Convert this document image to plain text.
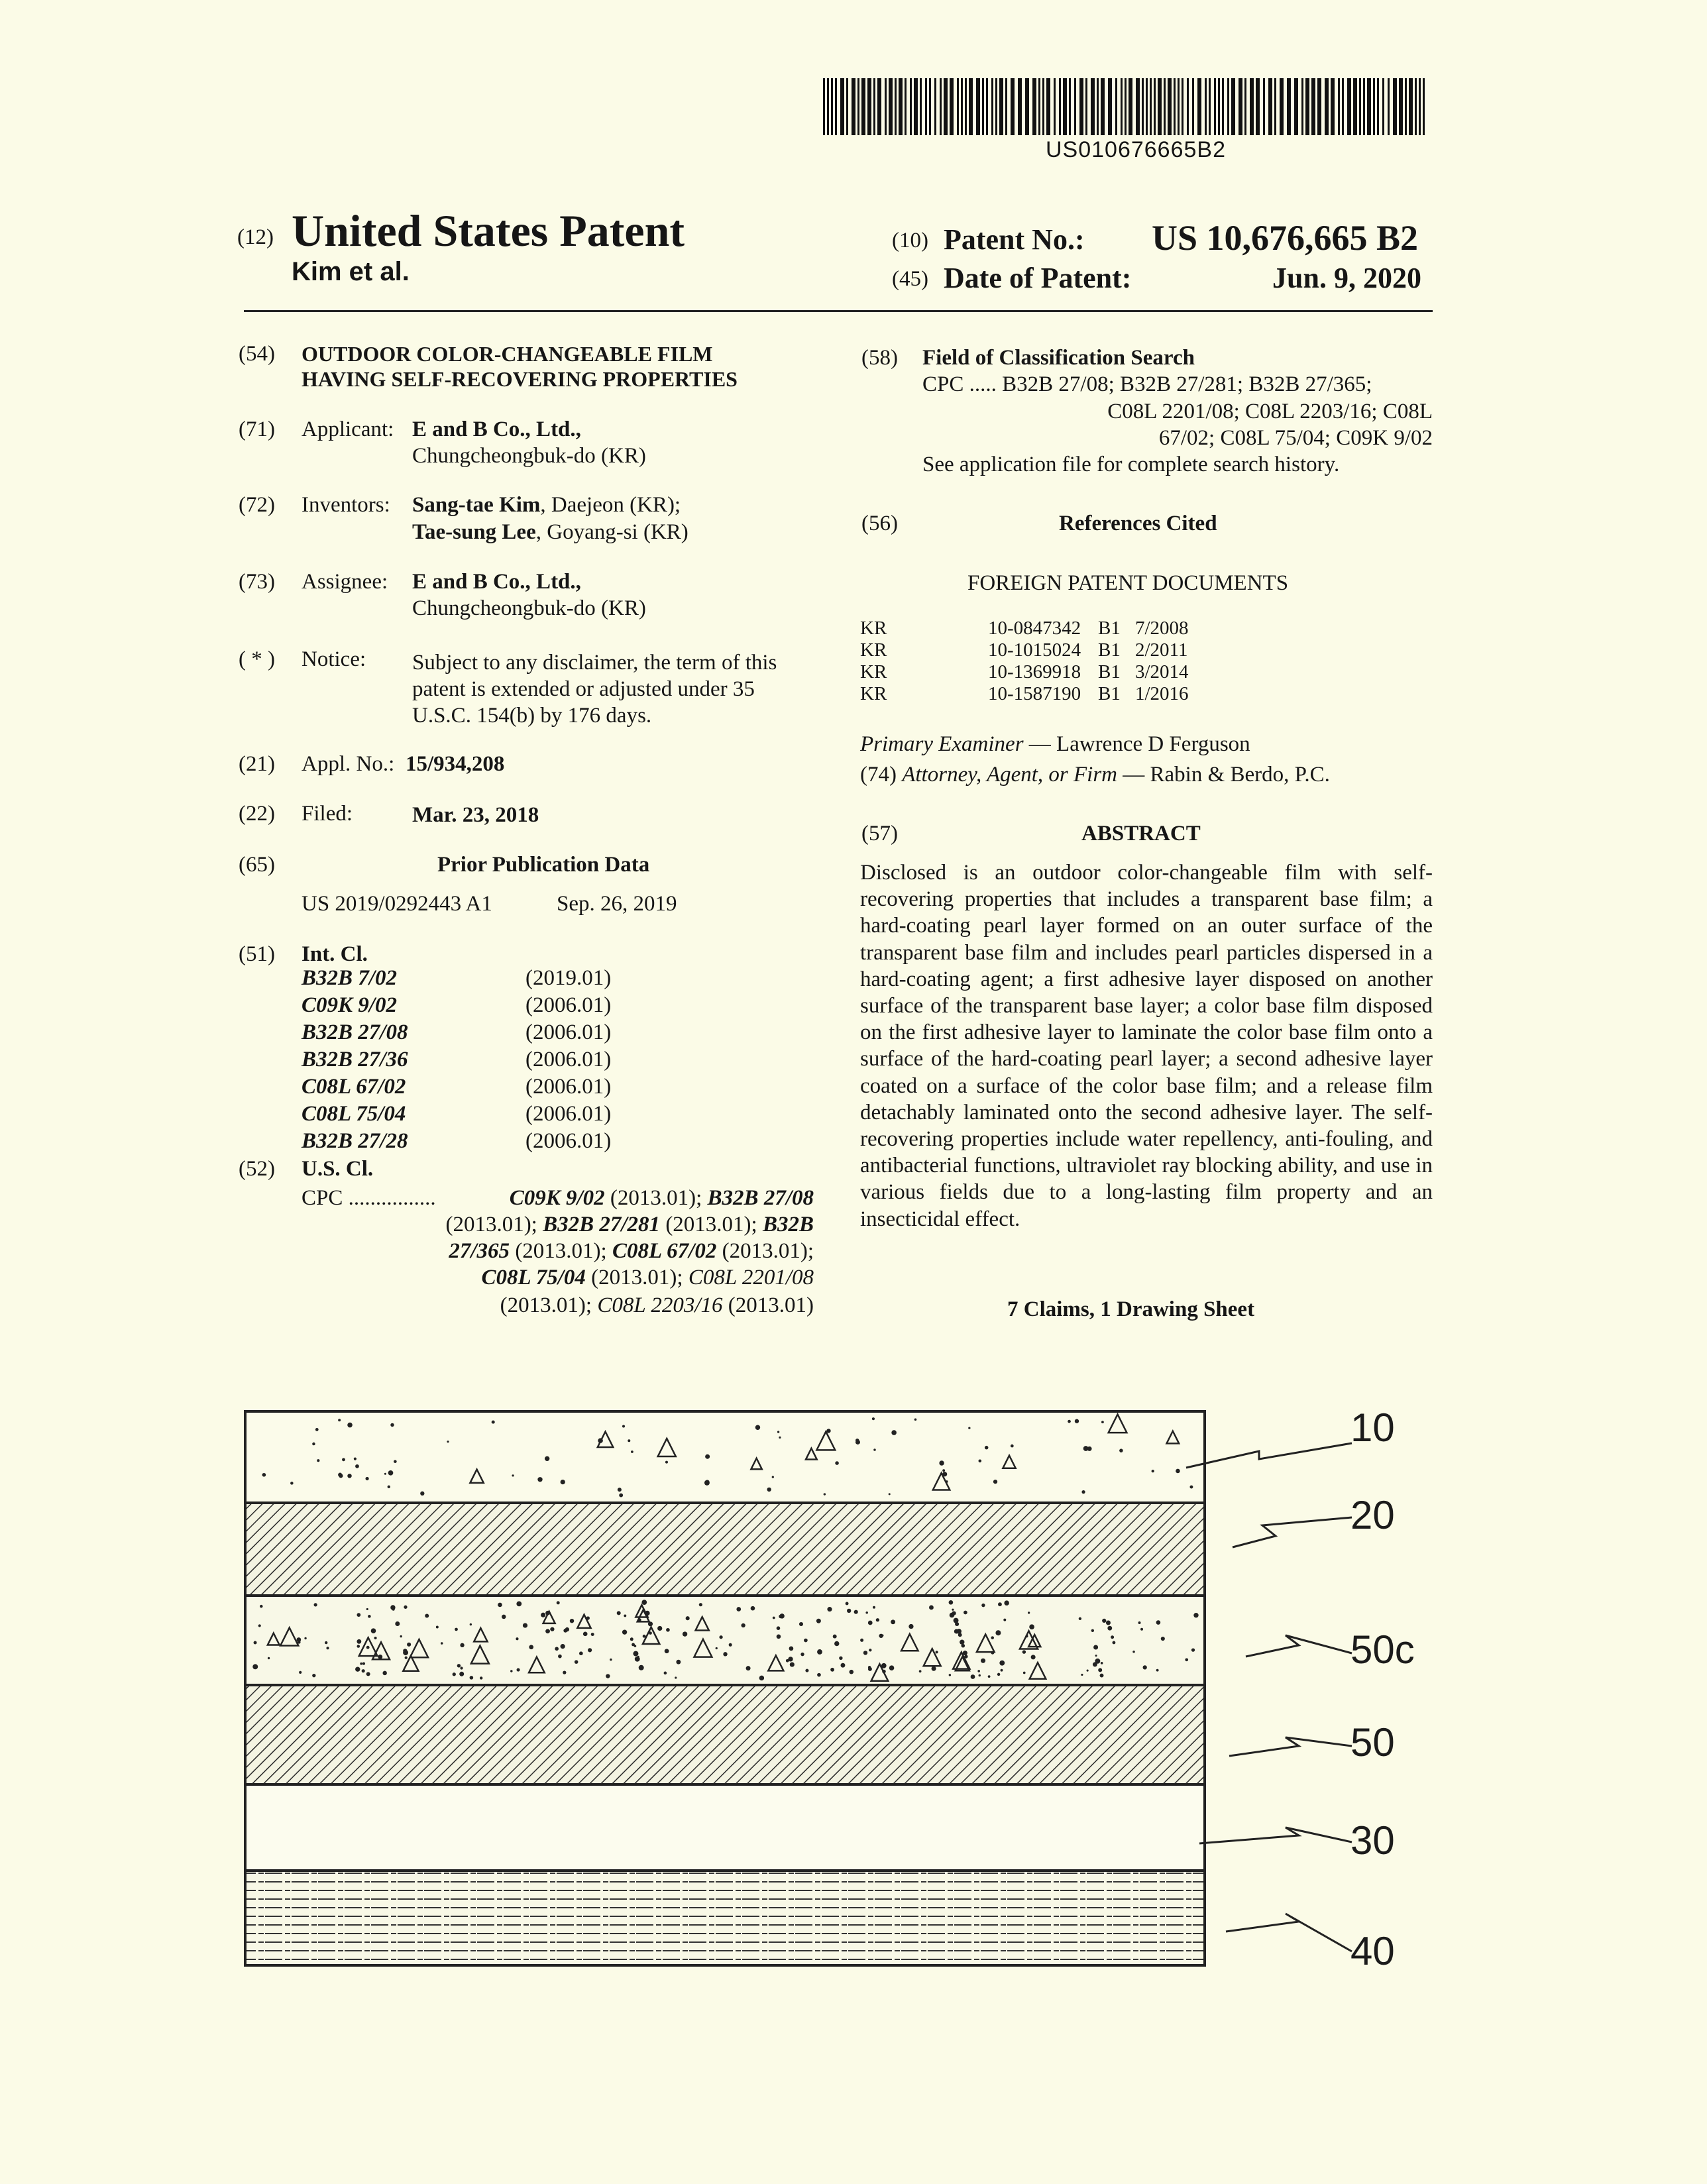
US010676665B2
(12) United States Patent
Kim et al.
(10) Patent No.: US 10,676,665 B2
(45) Date of Patent:	Jun. 9, 2020
(54) OUTDOOR COLOR-CHANGEABLE FILM
HAVING SELF-RECOVERING PROPERTIES
(71) Applicant: E and B Co., Ltd.,
Chungcheongbuk-do (KR)
(72) Inventors: Sang-tae Kim, Daejeon (KR);
Tae-sung Lee, Goyang-si (KR)
(73) Assignee: E and B Co., Ltd.,
Chungcheongbuk-do (KR)
( * ) Notice: Subject to any disclaimer, the term of this
patent is extended or adjusted under 35
U.S.C. 154(b) by 176 days.
(21) Appl. No.: 15/934,208
(22) Filed:	Mar. 23, 2018
(65)	Prior Publication Data
US 2019/0292443 A1	Sep. 26, 2019
(51) Int. Cl.
B32B 7/02	(2019.01)
C09K 9/02	(2006.01)
B32B 27/08	(2006.01)
B32B 27/36	(2006.01)
C08L 67/02	(2006.01)
C08L 75/04	(2006.01)
B32B 27/28	(2006.01)
(52) U.S. Cl.
CPC ................	C09K 9/02 (2013.01); B32B 27/08
(2013.01); B32B 27/281 (2013.01); B32B
27/365 (2013.01); C08L 67/02 (2013.01);
C08L 75/04 (2013.01); C08L 2201/08
(2013.01); C08L 2203/16 (2013.01)
(58) Field of Classification Search
CPC ..... B32B 27/08; B32B 27/281; B32B 27/365;
C08L 2201/08; C08L 2203/16; C08L
67/02; C08L 75/04; C09K 9/02
See application file for complete search history.
(56)	References Cited
FOREIGN PATENT DOCUMENTS
KR	10-0847342 B1 7/2008
KR	10-1015024 B1 2/2011
KR	10-1369918 B1 3/2014
KR	10-1587190 B1 1/2016
Primary Examiner — Lawrence D Ferguson
(74) Attorney, Agent, or Firm — Rabin & Berdo, P.C.
(57)	ABSTRACT
Disclosed is an outdoor color-changeable film with self-recovering properties that includes a transparent base film; a hard-coating pearl layer formed on an outer surface of the transparent base film and includes pearl particles dispersed in a hard-coating agent; a first adhesive layer disposed on another surface of the transparent base layer; a color base film disposed on the first adhesive layer to laminate the color base film onto a surface of the hard-coating pearl layer; a second adhesive layer coated on a surface of the color base film; and a release film detachably laminated onto the second adhesive layer. The self-recovering properties include water repellency, anti-fouling, and antibacterial functions, ultraviolet ray blocking ability, and use in various fields due to a long-lasting film property and an insecticidal effect.
7 Claims, 1 Drawing Sheet
10
20
50c
50
30
40
